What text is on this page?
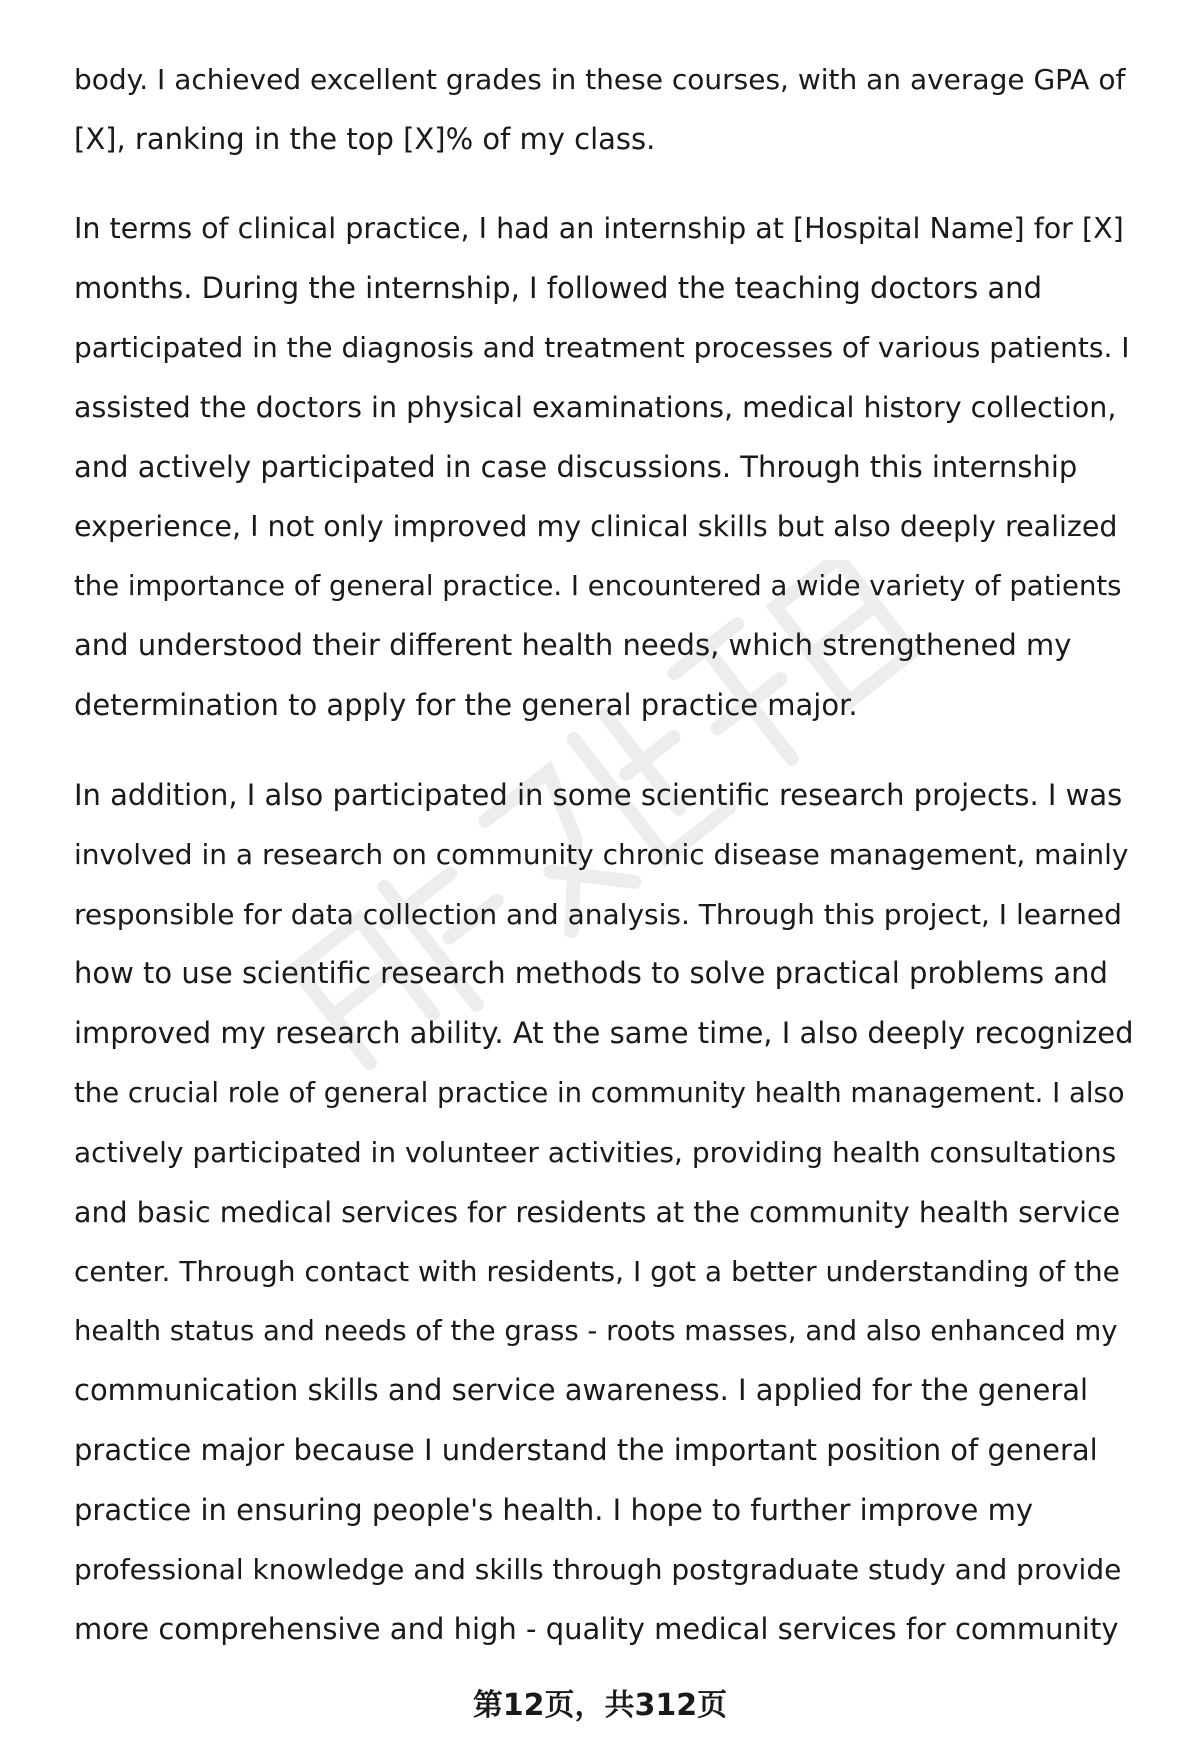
body. I achieved excellent grades in these courses, with an average GPA of
[X], ranking in the top [X]% of my class.
In terms of clinical practice, I had an internship at [Hospital Name] for [X]
months. During the internship, I followed the teaching doctors and
participated in the diagnosis and treatment processes of various patients. I
assisted the doctors in physical examinations, medical history collection,
and actively participated in case discussions. Through this internship
experience, I not only improved my clinical skills but also deeply realized
the importance of general practice. I encountered a wide variety of patients
and understood their different health needs, which strengthened my
determination to apply for the general practice major.
In addition, I also participated in some scientific research projects. I was
involved in a research on community chronic disease management, mainly
responsible for data collection and analysis. Through this project, I learned
how to use scientific research methods to solve practical problems and
improved my research ability. At the same time, I also deeply recognized
the crucial role of general practice in community health management. I also
actively participated in volunteer activities, providing health consultations
and basic medical services for residents at the community health service
center. Through contact with residents, I got a better understanding of the
health status and needs of the grass - roots masses, and also enhanced my
communication skills and service awareness. I applied for the general
practice major because I understand the important position of general
practice in ensuring people's health. I hope to further improve my
professional knowledge and skills through postgraduate study and provide
more comprehensive and high - quality medical services for community
第12页，共312页
